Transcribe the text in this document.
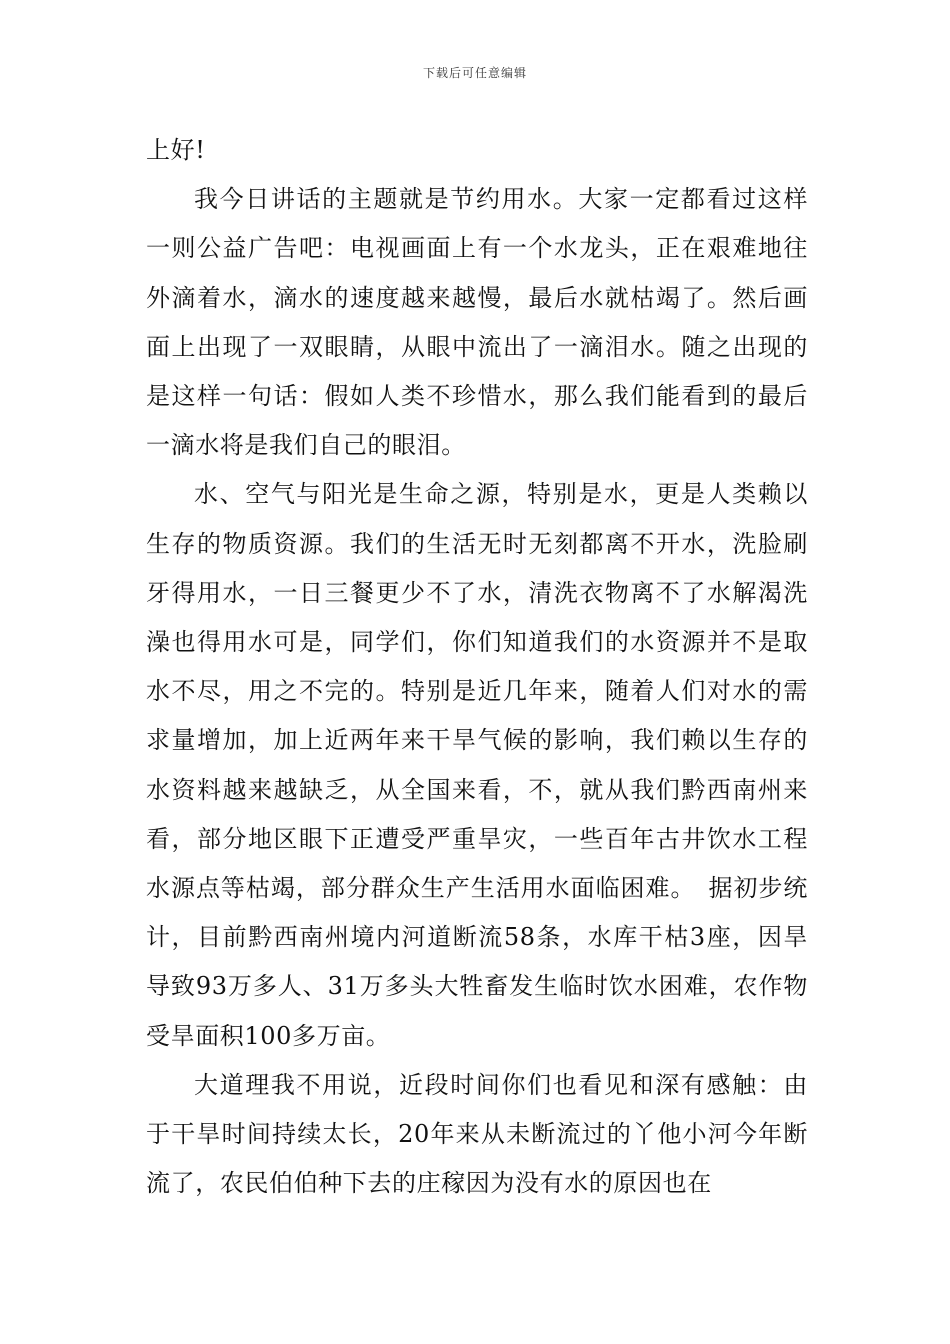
下载后可任意编辑

上好!

我今日讲话的主题就是节约用水。大家一定都看过这样一则公益广告吧：电视画面上有一个水龙头，正在艰难地往外滴着水，滴水的速度越来越慢，最后水就枯竭了。然后画面上出现了一双眼睛，从眼中流出了一滴泪水。随之出现的是这样一句话：假如人类不珍惜水，那么我们能看到的最后一滴水将是我们自己的眼泪。

水、空气与阳光是生命之源，特别是水，更是人类赖以生存的物质资源。我们的生活无时无刻都离不开水，洗脸刷牙得用水，一日三餐更少不了水，清洗衣物离不了水解渴洗澡也得用水可是，同学们，你们知道我们的水资源并不是取水不尽，用之不完的。特别是近几年来，随着人们对水的需求量增加，加上近两年来干旱气候的影响，我们赖以生存的水资料越来越缺乏，从全国来看，不，就从我们黔西南州来看，部分地区眼下正遭受严重旱灾，一些百年古井饮水工程水源点等枯竭，部分群众生产生活用水面临困难。　据初步统计，目前黔西南州境内河道断流58条，水库干枯3座，因旱导致93万多人、31万多头大牲畜发生临时饮水困难，农作物受旱面积100多万亩。

大道理我不用说，近段时间你们也看见和深有感触：由于干旱时间持续太长，20年来从未断流过的丫他小河今年断流了，农民伯伯种下去的庄稼因为没有水的原因也在
